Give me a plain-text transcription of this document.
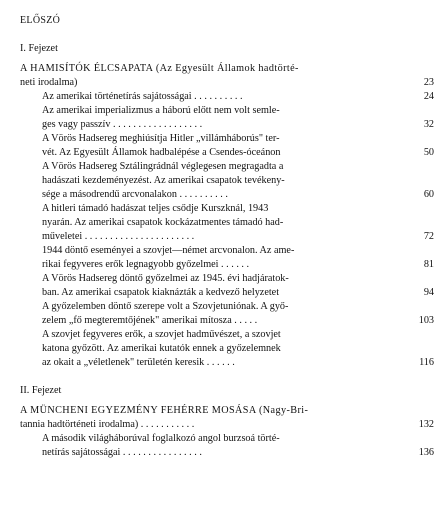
ELŐSZÓ
I. Fejezet
A HAMISÍTÓK ÉLCSAPATA (Az Egyesült Államok hadtörté-
neti irodalma)	23
Az amerikai történetírás sajátosságai . . . . . . . . . .	24
Az amerikai imperializmus a háború előtt nem volt semle-
ges vagy passzív . . . . . . . . . . . . . . . . . .	32
A Vörös Hadsereg meghiúsítja Hitler „villámháborús" ter-
vét. Az Egyesült Államok hadbalépése a Csendes-óceánon	50
A Vörös Hadsereg Sztálingrádnál véglegesen megragadta a
hadászati kezdeményezést. Az amerikai csapatok tevékeny-
sége a másodrendű arcvonalakon . . . . . . . . . .	60
A hitleri támadó hadászat teljes csődje Kurszknál, 1943
nyarán. Az amerikai csapatok kockázatmentes támadó had-
műveletei . . . . . . . . . . . . . . . . . . . . . .	72
1944 döntő eseményei a szovjet—német arcvonalon. Az ame-
rikai fegyveres erők legnagyobb győzelmei . . . . . .	81
A Vörös Hadsereg döntő győzelmei az 1945. évi hadjáratok-
ban. Az amerikai csapatok kiaknázták a kedvező helyzetet	94
A győzelemben döntő szerepe volt a Szovjetuniónak. A győ-
zelem „fő megteremtőjének" amerikai mítosza . . . . .	103
A szovjet fegyveres erők, a szovjet hadművészet, a szovjet
katona győzött. Az amerikai kutatók ennek a győzelemnek
az okait a „véletlenek" területén keresik . . . . . .	116
II. Fejezet
A MÜNCHENI EGYEZMÉNY FEHÉRRE MOSÁSA (Nagy-Bri-
tannia hadtörténeti irodalma) . . . . . . . . . . .	132
A második világháborúval foglalkozó angol burzsoá törté-
netírás sajátosságai . . . . . . . . . . . . . . . .	136
